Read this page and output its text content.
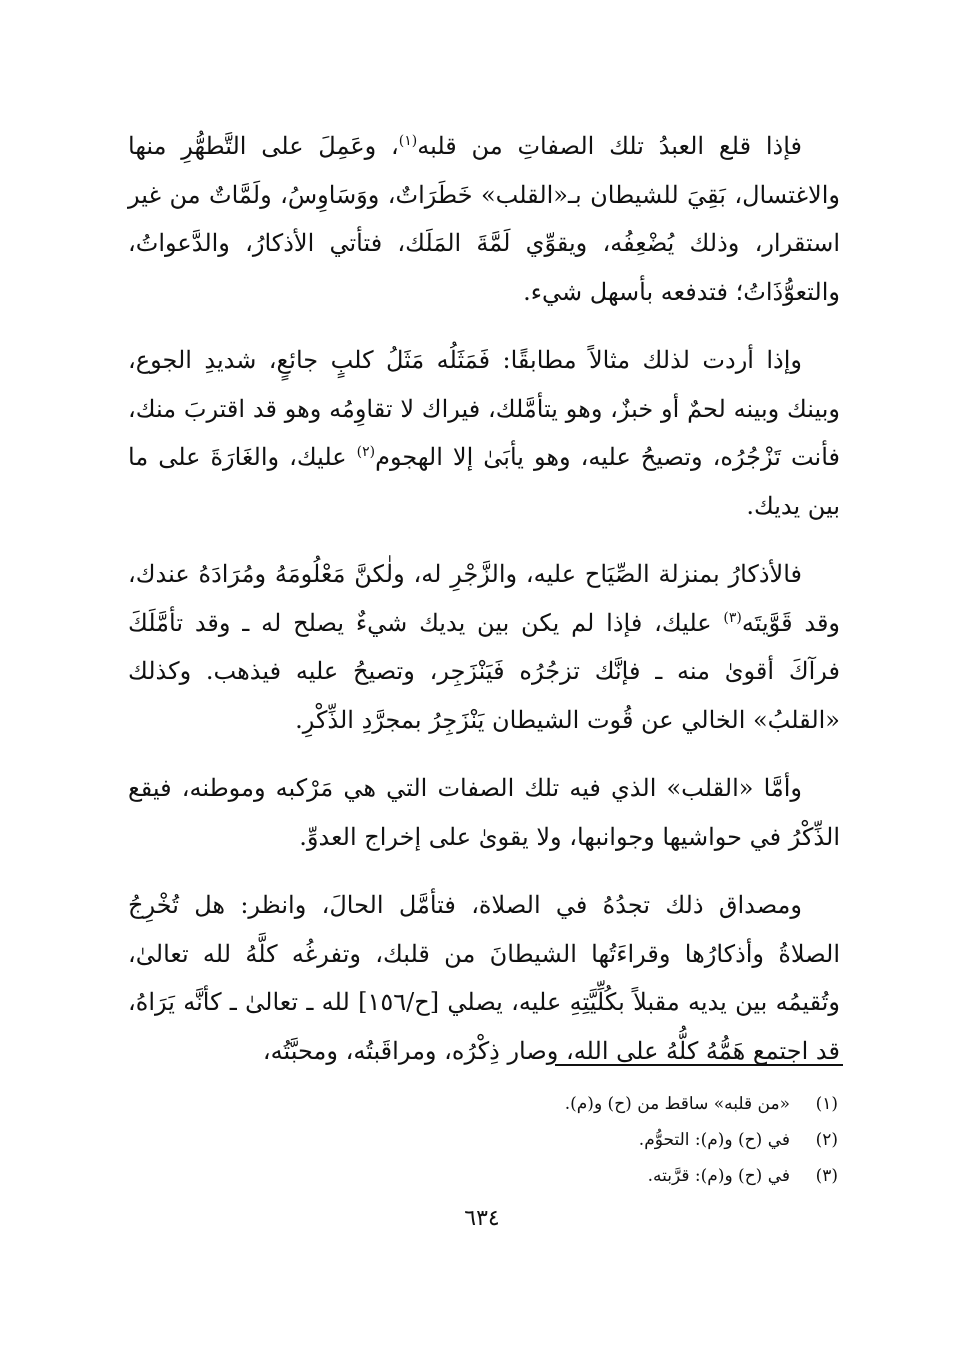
فإذا قلع العبدُ تلك الصفاتِ من قلبه$^{(١)}$، وعَمِلَ على التَّطهُّرِ منها والاغتسال، بَقِيَ للشيطان بـ«القلب» خَطَرَاتٌ، ووَسَاوِسُ، ولَمَّاتٌ من غير استقرار، وذلك يُضْعِفُه، ويقوِّي لَمَّةَ المَلَك، فتأتي الأذكارُ، والدَّعواتُ، والتعوُّذَاتُ؛ فتدفعه بأسهل شيء.

وإذا أردت لذلك مثالاً مطابقًا: فَمَثَلُه مَثَلُ كلبٍ جائعٍ، شديدِ الجوع، وبينك وبينه لحمٌ أو خبزٌ، وهو يتأمَّلك، فيراك لا تقاوِمُه وهو قد اقتربَ منك، فأنت تَزْجُرُه، وتصيحُ عليه، وهو يأبَىٰ إلا الهجوم$^{(٢)}$ عليك، والغَارَةَ على ما بين يديك.

فالأذكارُ بمنزلة الصِّيَاح عليه، والزَّجْرِ له، ولٰكنَّ مَعْلُومَهُ ومُرَادَهُ عندك، وقد قَوَّيتَه$^{(٣)}$ عليك، فإذا لم يكن بين يديك شيءٌ يصلح له ـ وقد تأمَّلَكَ فرآكَ أقوىٰ منه ـ فإنَّك تزجُرُه فَيَنْزَجِر، وتصيحُ عليه فيذهب. وكذلك «القلبُ» الخالي عن قُوت الشيطان يَنْزَجِرُ بمجرَّدِ الذِّكْرِ.

وأمَّا «القلب» الذي فيه تلك الصفات التي هي مَرْكبه وموطنه، فيقع الذِّكْرُ في حواشيها وجوانبها، ولا يقوىٰ على إخراج العدوِّ.

ومصداق ذلك تجدُهُ في الصلاة، فتأمَّل الحالَ، وانظر: هل تُخْرِجُ الصلاةُ وأذكارُها وقراءَتُها الشيطانَ من قلبك، وتفرغُه كلَّهُ لله تعالىٰ، وتُقيمُه بين يديه مقبلاً بكُلِّيَّتِهِ عليه، يصلي [ح/١٥٦] لله ـ تعالىٰ ـ كأنَّه يَرَاهُ، قد اجتمع هَمُّهُ كلُّهُ على الله، وصار ذِكْرُه، ومراقَبتُه، ومحبَّتُه،

(١)«من قلبه» ساقط من (ح) و(م).

(٢)في (ح) و(م): التحوُّم.

(٣)في (ح) و(م): قرَّبته.

٦٣٤
